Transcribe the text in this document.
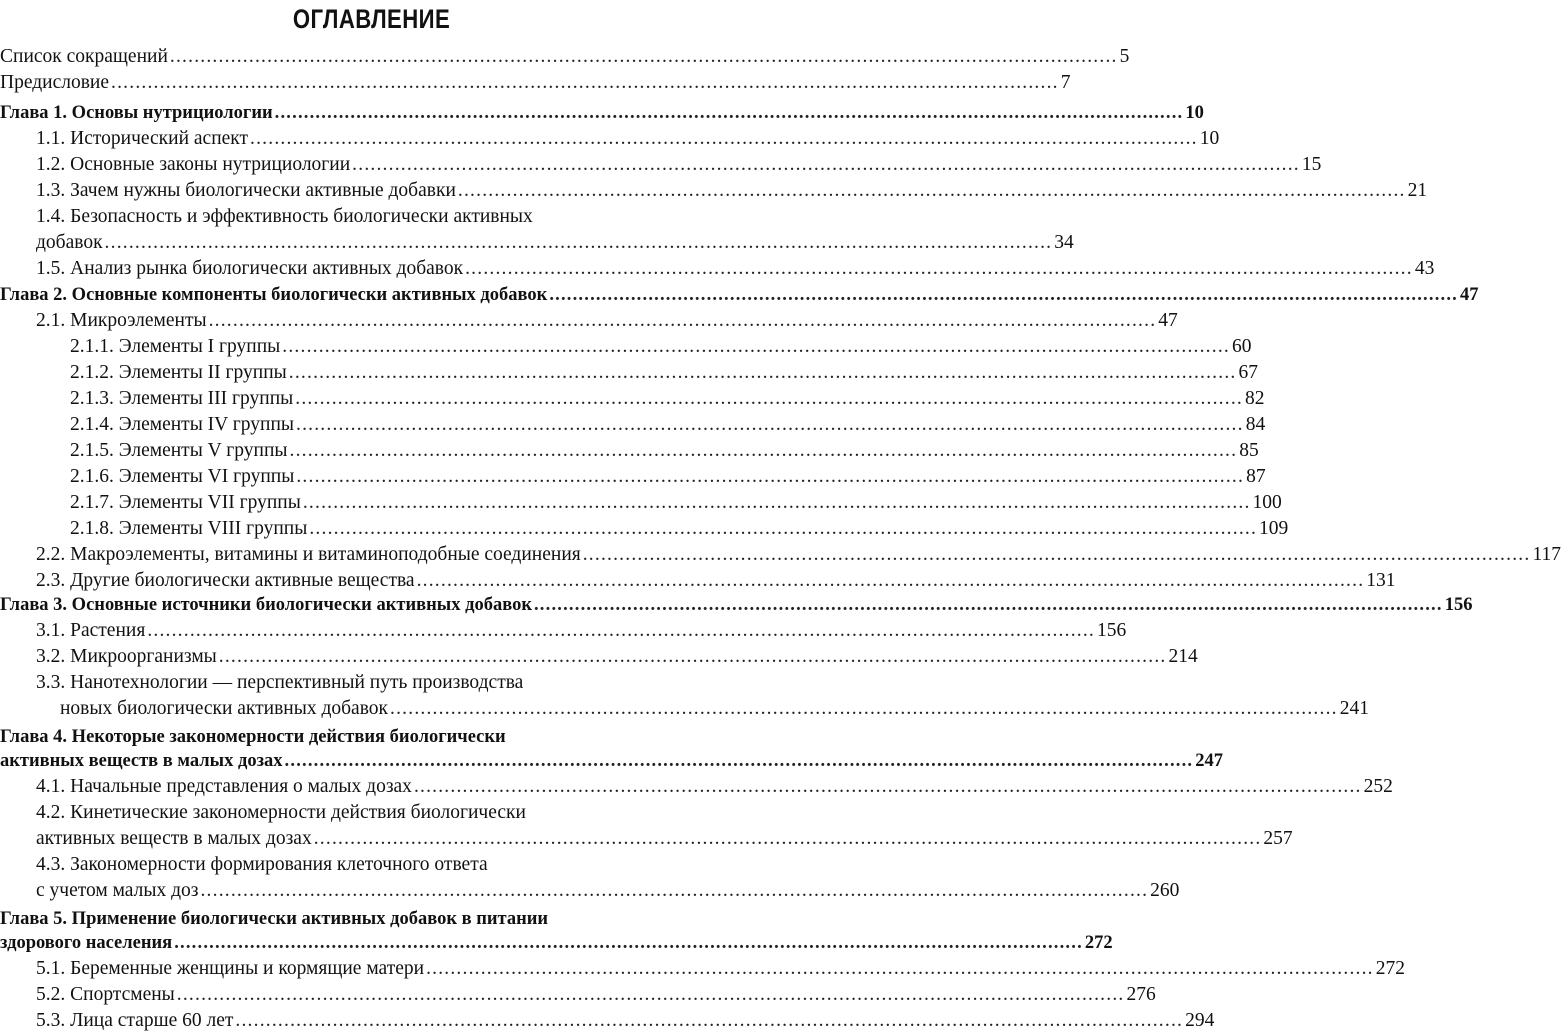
ОГЛАВЛЕНИЕ
Список сокращений ............................................................................................................................................................ 5
Предисловие ............................................................................................................................................................ 7
Глава 1. Основы нутрициологии ............................................................................................................................................................ 10
1.1. Исторический аспект ............................................................................................................................................................ 10
1.2. Основные законы нутрициологии ............................................................................................................................................................ 15
1.3. Зачем нужны биологически активные добавки ............................................................................................................................................................ 21
1.4. Безопасность и эффективность биологически активных
добавок ............................................................................................................................................................ 34
1.5. Анализ рынка биологически активных добавок ............................................................................................................................................................ 43
Глава 2. Основные компоненты биологически активных добавок ............................................................................................................................................................ 47
2.1. Микроэлементы ............................................................................................................................................................ 47
2.1.1. Элементы I группы ............................................................................................................................................................ 60
2.1.2. Элементы II группы ............................................................................................................................................................ 67
2.1.3. Элементы III группы ............................................................................................................................................................ 82
2.1.4. Элементы IV группы ............................................................................................................................................................ 84
2.1.5. Элементы V группы ............................................................................................................................................................ 85
2.1.6. Элементы VI группы ............................................................................................................................................................ 87
2.1.7. Элементы VII группы ............................................................................................................................................................ 100
2.1.8. Элементы VIII группы ............................................................................................................................................................ 109
2.2. Макроэлементы, витамины и витаминоподобные соединения ............................................................................................................................................................ 117
2.3. Другие биологически активные вещества ............................................................................................................................................................ 131
Глава 3. Основные источники биологически активных добавок ............................................................................................................................................................ 156
3.1. Растения ............................................................................................................................................................ 156
3.2. Микроорганизмы ............................................................................................................................................................ 214
3.3. Нанотехнологии — перспективный путь производства
новых биологически активных добавок ............................................................................................................................................................ 241
Глава 4. Некоторые закономерности действия биологически
активных веществ в малых дозах ............................................................................................................................................................ 247
4.1. Начальные представления о малых дозах ............................................................................................................................................................ 252
4.2. Кинетические закономерности действия биологически
активных веществ в малых дозах ............................................................................................................................................................ 257
4.3. Закономерности формирования клеточного ответа
с учетом малых доз ............................................................................................................................................................ 260
Глава 5. Применение биологически активных добавок в питании
здорового населения ............................................................................................................................................................ 272
5.1. Беременные женщины и кормящие матери ............................................................................................................................................................ 272
5.2. Спортсмены ............................................................................................................................................................ 276
5.3. Лица старше 60 лет ............................................................................................................................................................ 294
